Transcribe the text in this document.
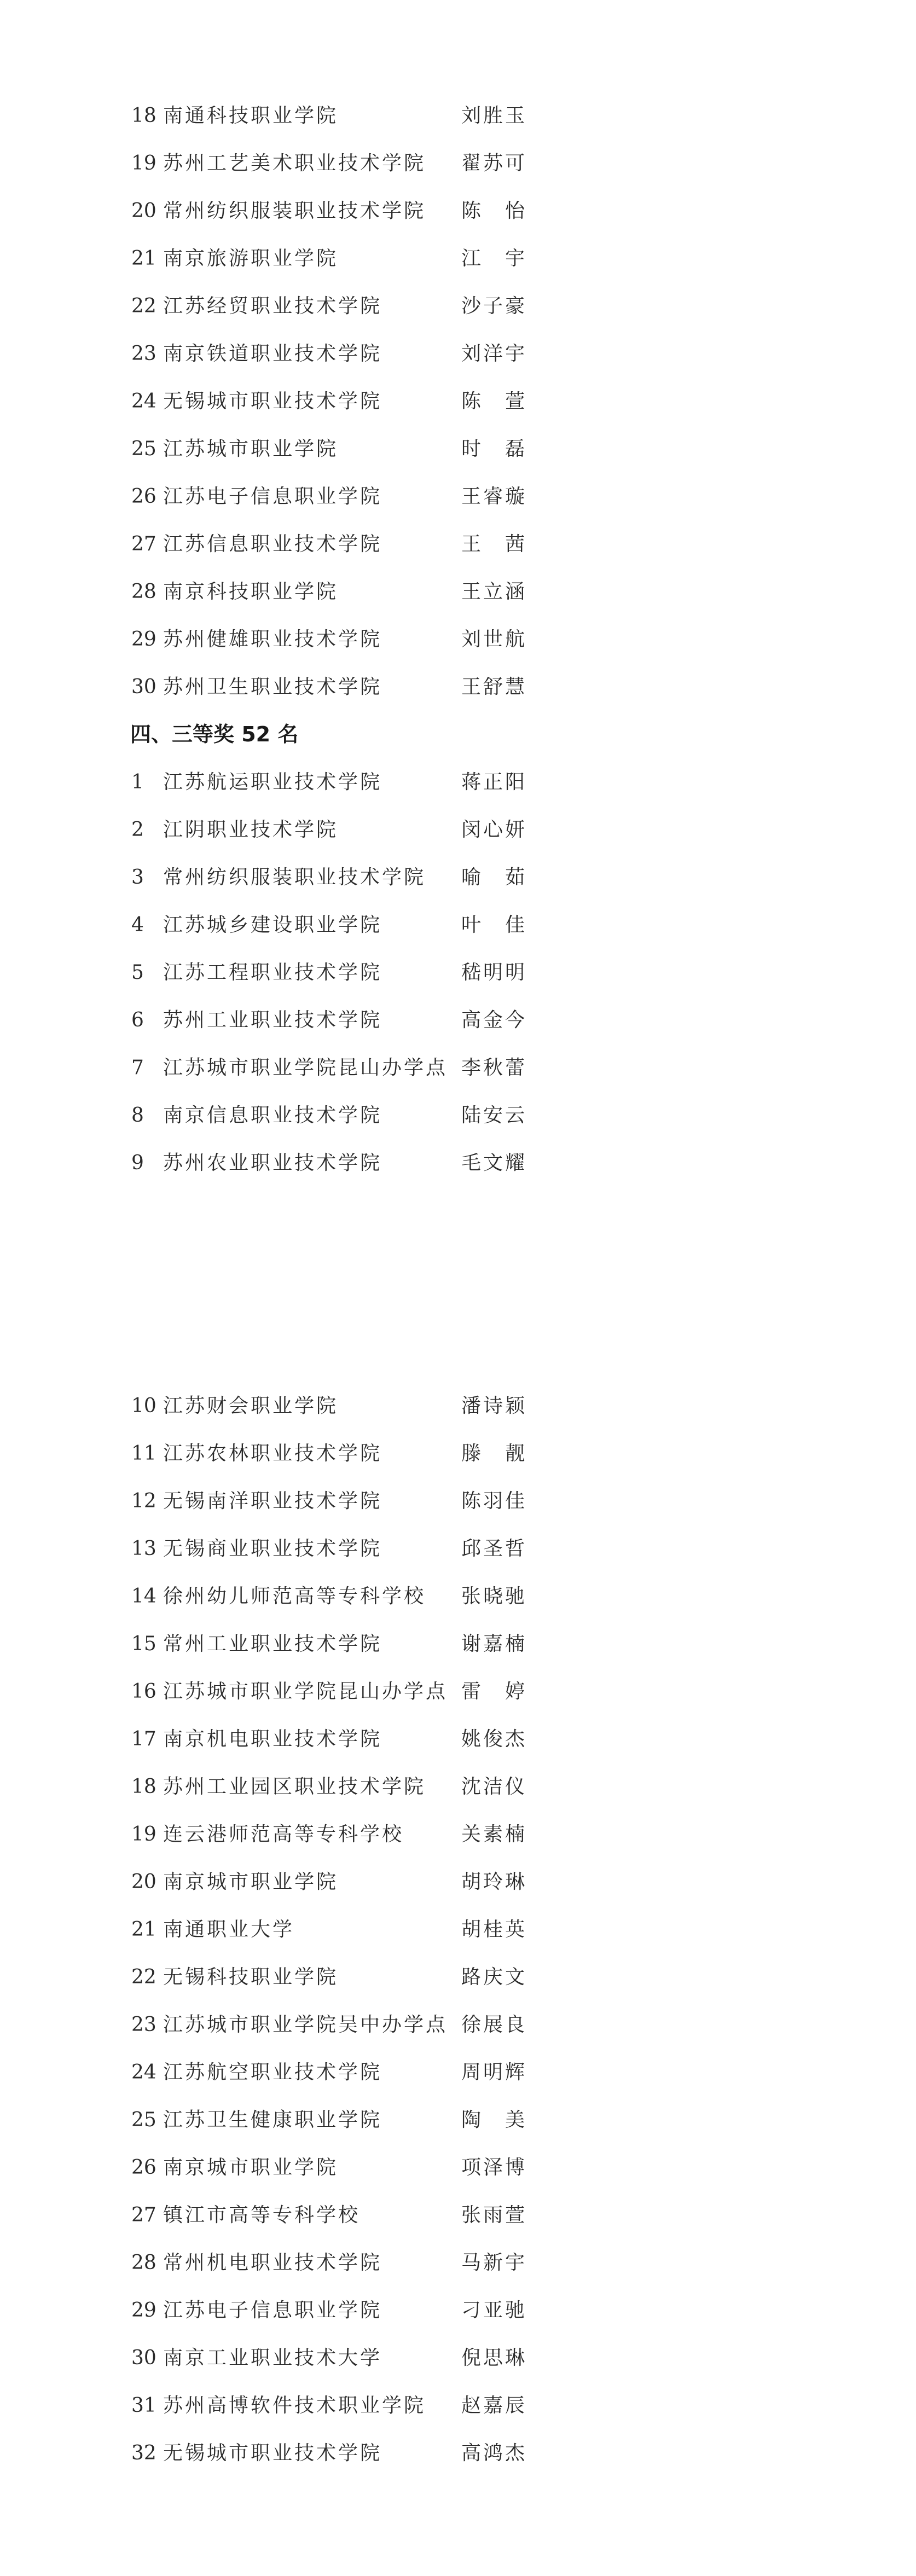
18 南通科技职业学院	刘胜玉
19 苏州工艺美术职业技术学院 翟苏可
20 常州纺织服装职业技术学院 陈　怡
21 南京旅游职业学院	江　宇
22 江苏经贸职业技术学院	沙子豪
23 南京铁道职业技术学院	刘洋宇
24 无锡城市职业技术学院	陈　萱
25 江苏城市职业学院	时　磊
26 江苏电子信息职业学院	王睿璇
27 江苏信息职业技术学院	王　茜
28 南京科技职业学院	王立涵
29 苏州健雄职业技术学院	刘世航
30 苏州卫生职业技术学院	王舒慧
四、三等奖 52 名
1 江苏航运职业技术学院	蒋正阳
2 江阴职业技术学院	闵心妍
3 常州纺织服装职业技术学院 喻　茹
4 江苏城乡建设职业学院	叶　佳
5 江苏工程职业技术学院	嵇明明
6 苏州工业职业技术学院	高金今
7 江苏城市职业学院昆山办学点 李秋蕾
8 南京信息职业技术学院	陆安云
9 苏州农业职业技术学院	毛文耀
10 江苏财会职业学院	潘诗颖
11 江苏农林职业技术学院	滕　靓
12 无锡南洋职业技术学院	陈羽佳
13 无锡商业职业技术学院	邱圣哲
14 徐州幼儿师范高等专科学校 张晓驰
15 常州工业职业技术学院	谢嘉楠
16 江苏城市职业学院昆山办学点 雷　婷
17 南京机电职业技术学院	姚俊杰
18 苏州工业园区职业技术学院 沈洁仪
19 连云港师范高等专科学校	关素楠
20 南京城市职业学院	胡玲琳
21 南通职业大学	胡桂英
22 无锡科技职业学院	路庆文
23 江苏城市职业学院吴中办学点 徐展良
24 江苏航空职业技术学院	周明辉
25 江苏卫生健康职业学院	陶　美
26 南京城市职业学院	项泽博
27 镇江市高等专科学校	张雨萱
28 常州机电职业技术学院	马新宇
29 江苏电子信息职业学院	刁亚驰
30 南京工业职业技术大学	倪思琳
31 苏州高博软件技术职业学院 赵嘉辰
32 无锡城市职业技术学院	高鸿杰
